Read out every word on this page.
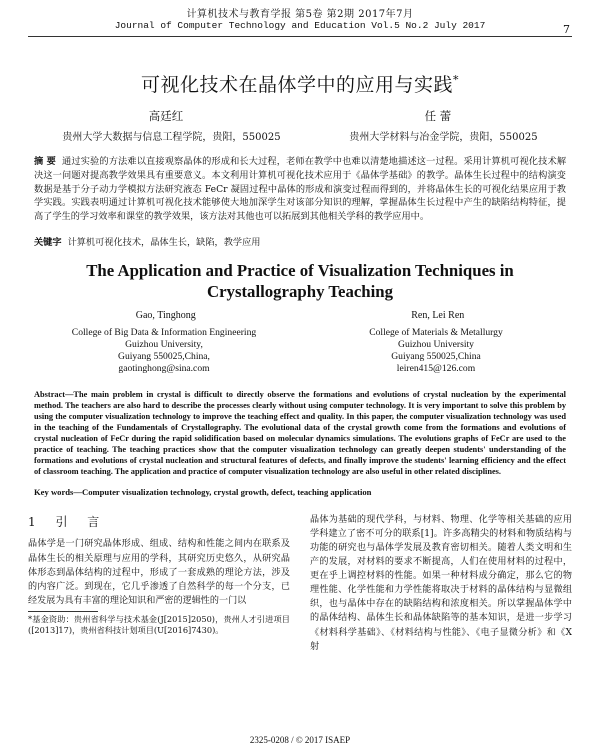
计算机技术与教育学报 第5卷 第2期 2017年7月
Journal of Computer Technology and Education Vol.5 No.2 July 2017	7
可视化技术在晶体学中的应用与实践*
高廷红	任 蕾
贵州大学大数据与信息工程学院，贵阳，550025	贵州大学材料与冶金学院，贵阳，550025
摘 要 通过实验的方法难以直接观察晶体的形成和长大过程，老师在教学中也难以清楚地描述这一过程。采用计算机可视化技术解决这一问题对提高教学效果具有重要意义。本文利用计算机可视化技术应用于《晶体学基础》的教学。晶体生长过程中的结构演变数据是基于分子动力学模拟方法研究液态 FeCr 凝固过程中晶体的形成和演变过程而得到的，并将晶体生长的可视化结果应用于教学实践。实践表明通过计算机可视化技术能够使大地加深学生对该部分知识的理解，掌握晶体生长过程中产生的缺陷结构特征，提高了学生的学习效率和课堂的教学效果，该方法对其他也可以拓展到其他相关学科的教学应用中。
关键字 计算机可视化技术，晶体生长，缺陷，教学应用
The Application and Practice of Visualization Techniques in Crystallography Teaching
Gao, Tinghong	Ren, Lei Ren
College of Big Data & Information Engineering
Guizhou University,
Guiyang 550025,China,
gaotinghong@sina.com
College of Materials & Metallurgy
Guizhou University
Guiyang 550025,China
leiren415@126.com
Abstract—The main problem in crystal is difficult to directly observe the formations and evolutions of crystal nucleation by the experimental method. The teachers are also hard to describe the processes clearly without using computer technology. It is very important to solve this problem by using the computer visualization technology to improve the teaching effect and quality. In this paper, the computer visualization technology was used in the teaching of the Fundamentals of Crystallography. The evolutional data of the crystal growth come from the formations and evolutions of crystal nucleation of FeCr during the rapid solidification based on molecular dynamics simulations. The evolutions graphs of FeCr are used to the practice of teaching. The teaching practices show that the computer visualization technology can greatly deepen students' understanding of the formations and evolutions of crystal nucleation and structural features of defects, and finally improve the students' learning efficiency and the effect of classroom teaching. The application and practice of computer visualization technology are also useful in other related disciplines.
Key words—Computer visualization technology, crystal growth, defect, teaching application
1 引 言
晶体学是一门研究晶体形成、组成、结构和性能之间内在联系及晶体生长的相关原理与应用的学科，其研究历史悠久，从研究晶体形态到晶体结构的过程中，形成了一套成熟的理论方法，涉及的内容广泛。到现在，它几乎渗透了自然科学的每一个分支，已经发展为具有丰富的理论知识和严密的逻辑性的一门以
*基金资助：贵州省科学与技术基金(J[2015]2050)，贵州人才引进项目([2013]17)，贵州省科技计划项目(U[2016]7430)。
晶体为基础的现代学科，与材料、物理、化学等相关基础的应用学科建立了密不可分的联系[1]。许多高精尖的材料和物质结构与功能的研究也与晶体学发展及教育密切相关。随着人类文明和生产的发展，对材料的要求不断提高，人们在使用材料的过程中，更在乎上调控材料的性能。如果一种材料成分确定，那么它的物理性能、化学性能和力学性能将取决于材料的晶体结构与显微组织，也与晶体中存在的缺陷结构和浓度相关。所以掌握晶体学中的晶体结构、晶体生长和晶体缺陷等的基本知识，是进一步学习《材料科学基础》、《材料结构与性能》、《电子显微分析》和《X 射
2325-0208 / © 2017 ISAEP
